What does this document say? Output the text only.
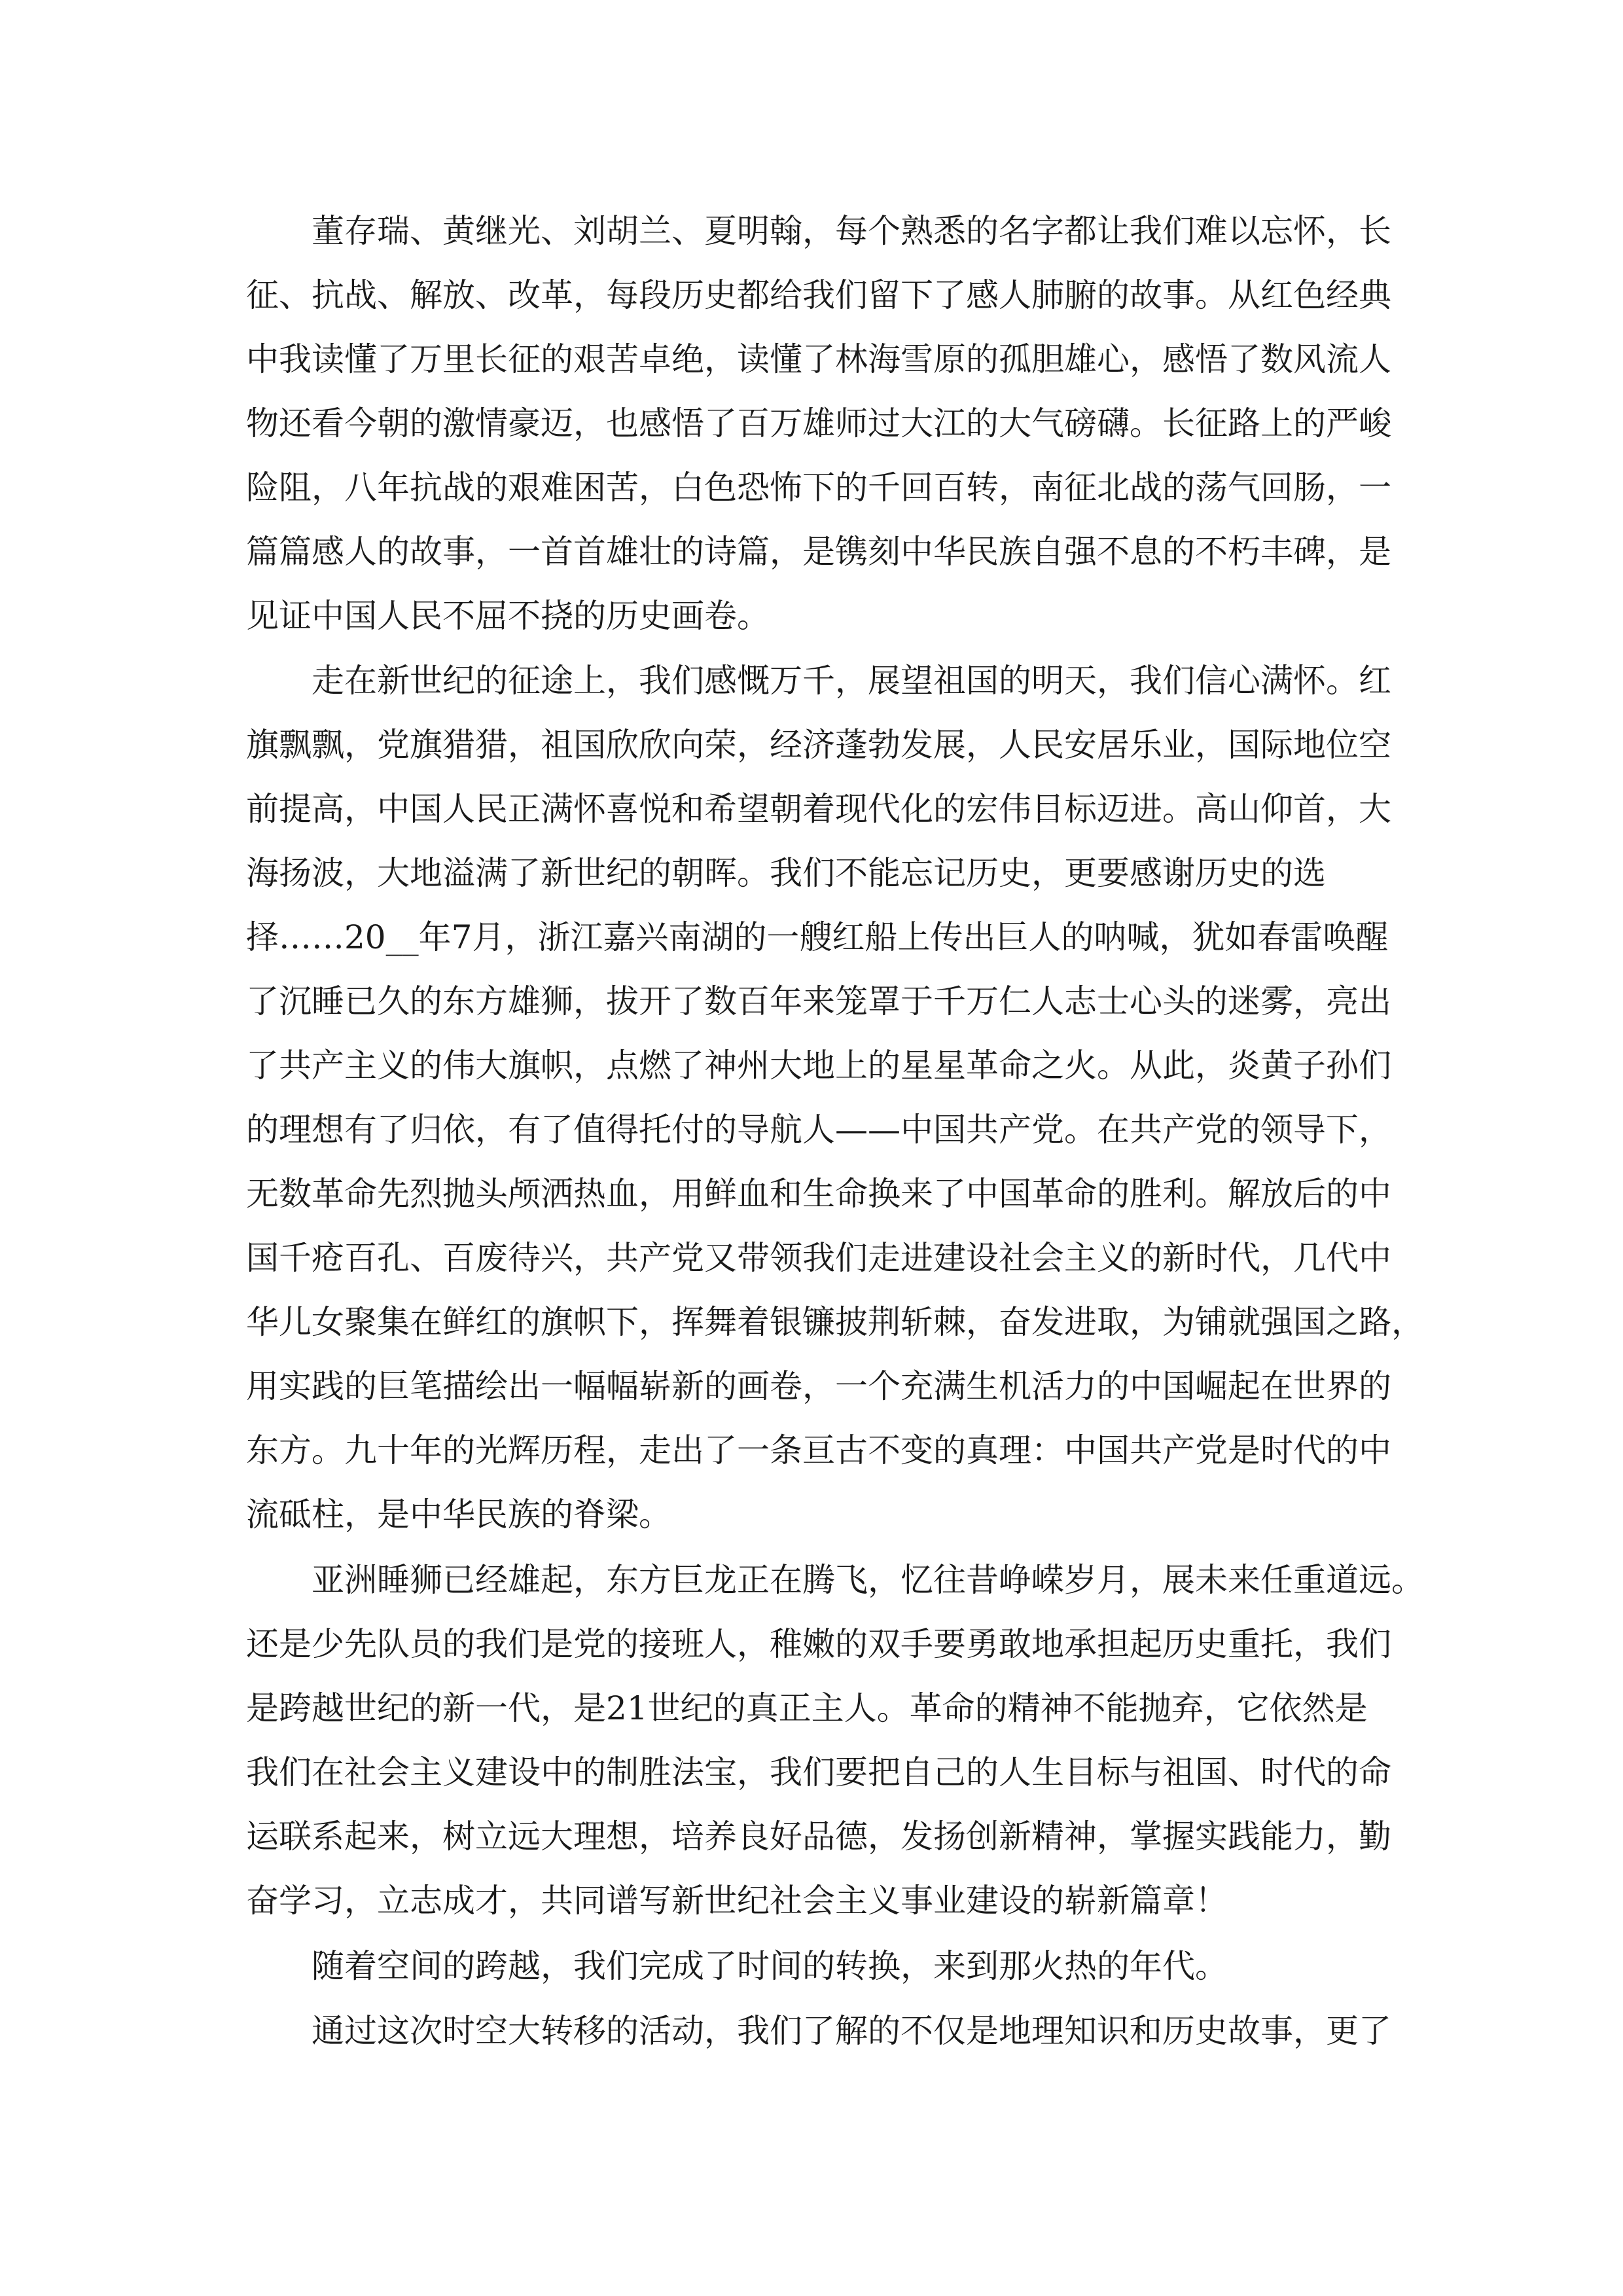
董存瑞、黄继光、刘胡兰、夏明翰，每个熟悉的名字都让我们难以忘怀，长
征、抗战、解放、改革，每段历史都给我们留下了感人肺腑的故事。从红色经典
中我读懂了万里长征的艰苦卓绝，读懂了林海雪原的孤胆雄心，感悟了数风流人
物还看今朝的激情豪迈，也感悟了百万雄师过大江的大气磅礴。长征路上的严峻
险阻，八年抗战的艰难困苦，白色恐怖下的千回百转，南征北战的荡气回肠，一
篇篇感人的故事，一首首雄壮的诗篇，是镌刻中华民族自强不息的不朽丰碑，是
见证中国人民不屈不挠的历史画卷。
走在新世纪的征途上，我们感慨万千，展望祖国的明天，我们信心满怀。红
旗飘飘，党旗猎猎，祖国欣欣向荣，经济蓬勃发展，人民安居乐业，国际地位空
前提高，中国人民正满怀喜悦和希望朝着现代化的宏伟目标迈进。高山仰首，大
海扬波，大地溢满了新世纪的朝晖。我们不能忘记历史，更要感谢历史的选
择……20__年7月，浙江嘉兴南湖的一艘红船上传出巨人的呐喊，犹如春雷唤醒
了沉睡已久的东方雄狮，拔开了数百年来笼罩于千万仁人志士心头的迷雾，亮出
了共产主义的伟大旗帜，点燃了神州大地上的星星革命之火。从此，炎黄子孙们
的理想有了归依，有了值得托付的导航人——中国共产党。在共产党的领导下，
无数革命先烈抛头颅洒热血，用鲜血和生命换来了中国革命的胜利。解放后的中
国千疮百孔、百废待兴，共产党又带领我们走进建设社会主义的新时代，几代中
华儿女聚集在鲜红的旗帜下，挥舞着银镰披荆斩棘，奋发进取，为铺就强国之路，
用实践的巨笔描绘出一幅幅崭新的画卷，一个充满生机活力的中国崛起在世界的
东方。九十年的光辉历程，走出了一条亘古不变的真理：中国共产党是时代的中
流砥柱，是中华民族的脊梁。
亚洲睡狮已经雄起，东方巨龙正在腾飞，忆往昔峥嵘岁月，展未来任重道远。
还是少先队员的我们是党的接班人，稚嫩的双手要勇敢地承担起历史重托，我们
是跨越世纪的新一代，是21世纪的真正主人。革命的精神不能抛弃，它依然是
我们在社会主义建设中的制胜法宝，我们要把自己的人生目标与祖国、时代的命
运联系起来，树立远大理想，培养良好品德，发扬创新精神，掌握实践能力，勤
奋学习，立志成才，共同谱写新世纪社会主义事业建设的崭新篇章！
随着空间的跨越，我们完成了时间的转换，来到那火热的年代。
通过这次时空大转移的活动，我们了解的不仅是地理知识和历史故事，更了
